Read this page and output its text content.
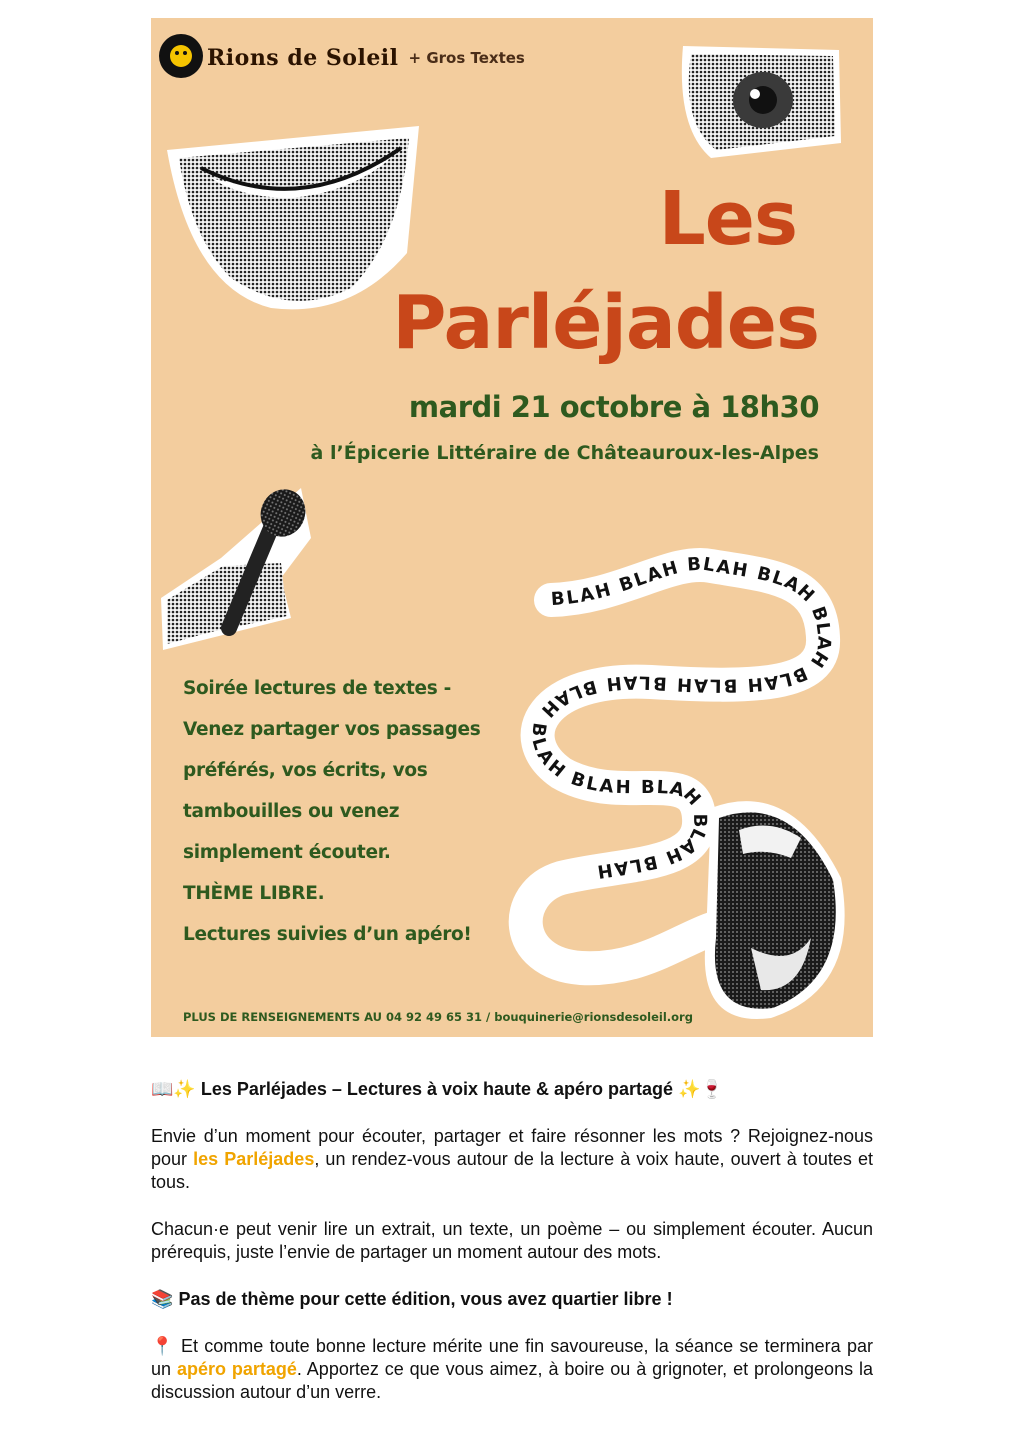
BLAH BLAH BLAH BLAH BLAH BLAH BLAH BLAH BLAH BLAH BLAH BLAH BLAH BLAH
Rions de Soleil + Gros Textes
Les
Parléjades
mardi 21 octobre à 18h30
à l’Épicerie Littéraire de Châteauroux-les-Alpes
Soirée lectures de textes -
Venez partager vos passages
préférés, vos écrits, vos
tambouilles ou venez
simplement écouter.
THÈME LIBRE.
Lectures suivies d’un apéro!
PLUS DE RENSEIGNEMENTS AU 04 92 49 65 31 / bouquinerie@rionsdesoleil.org

📖✨ Les Parléjades – Lectures à voix haute & apéro partagé ✨🍷

Envie d’un moment pour écouter, partager et faire résonner les mots ? Rejoignez-nous pour les Parléjades, un rendez-vous autour de la lecture à voix haute, ouvert à toutes et tous.

Chacun·e peut venir lire un extrait, un texte, un poème – ou simplement écouter. Aucun prérequis, juste l’envie de partager un moment autour des mots.

📚 Pas de thème pour cette édition, vous avez quartier libre !

📍 Et comme toute bonne lecture mérite une fin savoureuse, la séance se terminera par un apéro partagé. Apportez ce que vous aimez, à boire ou à grignoter, et prolongeons la discussion autour d’un verre.
